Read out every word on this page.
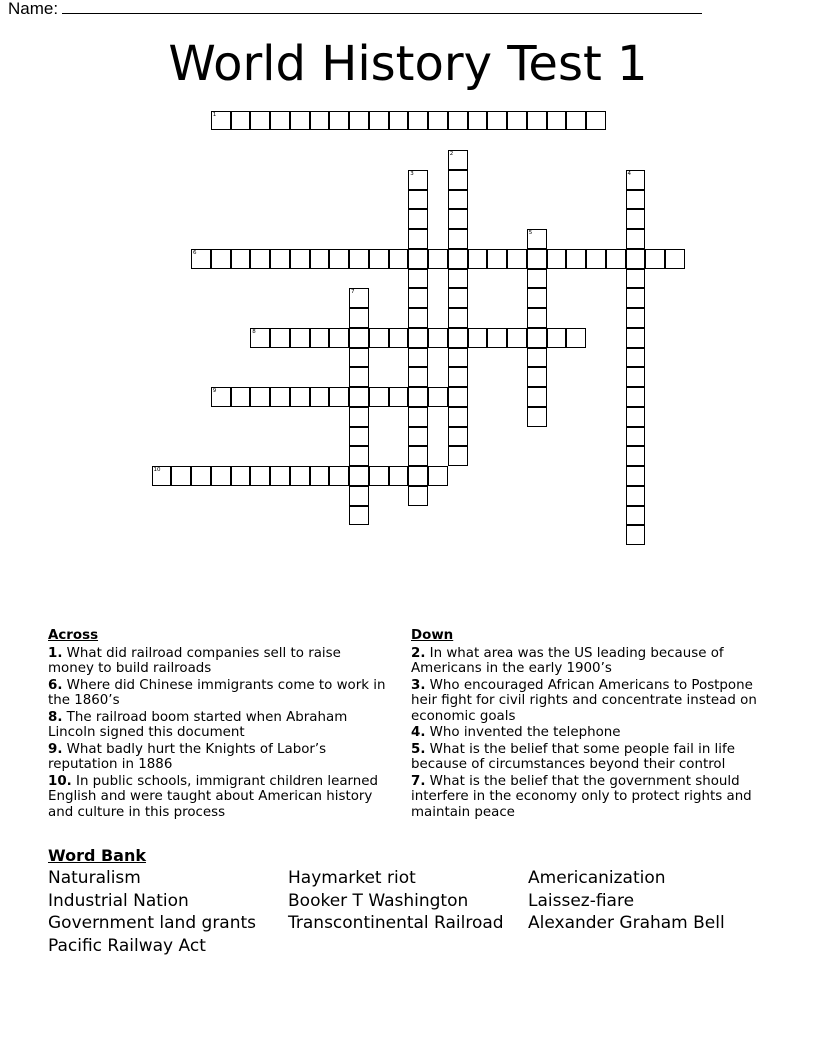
Name:
World History Test 1
1
2
3	4
5
6
7
8
9
10
Across
1. What did railroad companies sell to raise money to build railroads
6. Where did Chinese immigrants come to work in the 1860’s
8. The railroad boom started when Abraham Lincoln signed this document
9. What badly hurt the Knights of Labor’s reputation in 1886
10. In public schools, immigrant children learned English and were taught about American history and culture in this process
Down
2. In what area was the US leading because of Americans in the early 1900’s
3. Who encouraged African Americans to Postpone heir fight for civil rights and concentrate instead on economic goals
4. Who invented the telephone
5. What is the belief that some people fail in life because of circumstances beyond their control
7. What is the belief that the government should interfere in the economy only to protect rights and maintain peace
Word Bank
Naturalism	Haymarket riot	Americanization
Industrial Nation	Booker T Washington	Laissez-fiare
Government land grants	Transcontinental Railroad	Alexander Graham Bell
Pacific Railway Act
